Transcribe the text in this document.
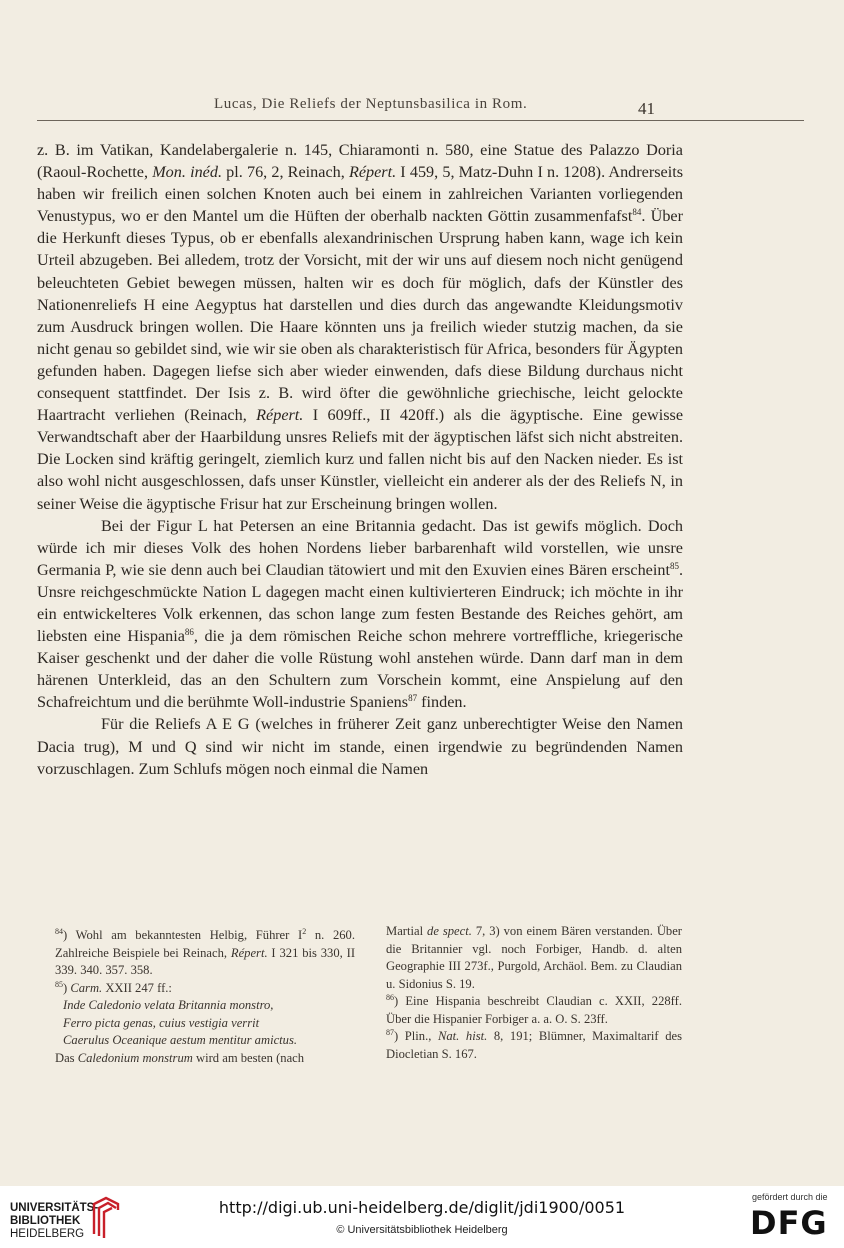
Lucas, Die Reliefs der Neptunsbasilica in Rom.	41

z. B. im Vatikan, Kandelabergalerie n. 145, Chiaramonti n. 580, eine Statue des Palazzo Doria (Raoul-Rochette, Mon. inéd. pl. 76, 2, Reinach, Répert. I 459, 5, Matz-Duhn I n. 1208). Andrerseits haben wir freilich einen solchen Knoten auch bei einem in zahlreichen Varianten vorliegenden Venustypus, wo er den Mantel um die Hüften der oberhalb nackten Göttin zusammenfafst$^{84}$. Über die Herkunft dieses Typus, ob er ebenfalls alexandrinischen Ursprung haben kann, wage ich kein Urteil abzugeben. Bei alledem, trotz der Vorsicht, mit der wir uns auf diesem noch nicht genügend beleuchteten Gebiet bewegen müssen, halten wir es doch für möglich, dafs der Künstler des Nationenreliefs H eine Aegyptus hat darstellen und dies durch das angewandte Kleidungsmotiv zum Ausdruck bringen wollen. Die Haare könnten uns ja freilich wieder stutzig machen, da sie nicht genau so gebildet sind, wie wir sie oben als charakteristisch für Africa, besonders für Ägypten gefunden haben. Dagegen liefse sich aber wieder einwenden, dafs diese Bildung durchaus nicht consequent stattfindet. Der Isis z. B. wird öfter die gewöhnliche griechische, leicht gelockte Haartracht verliehen (Reinach, Répert. I 609ff., II 420ff.) als die ägyptische. Eine gewisse Verwandtschaft aber der Haarbildung unsres Reliefs mit der ägyptischen läfst sich nicht abstreiten. Die Locken sind kräftig geringelt, ziemlich kurz und fallen nicht bis auf den Nacken nieder. Es ist also wohl nicht ausgeschlossen, dafs unser Künstler, vielleicht ein anderer als der des Reliefs N, in seiner Weise die ägyptische Frisur hat zur Erscheinung bringen wollen.

Bei der Figur L hat Petersen an eine Britannia gedacht. Das ist gewifs möglich. Doch würde ich mir dieses Volk des hohen Nordens lieber barbarenhaft wild vorstellen, wie unsre Germania P, wie sie denn auch bei Claudian tätowiert und mit den Exuvien eines Bären erscheint$^{85}$. Unsre reichgeschmückte Nation L dagegen macht einen kultivierteren Eindruck; ich möchte in ihr ein entwickelteres Volk erkennen, das schon lange zum festen Bestande des Reiches gehört, am liebsten eine Hispania$^{86}$, die ja dem römischen Reiche schon mehrere vortreffliche, kriegerische Kaiser geschenkt und der daher die volle Rüstung wohl anstehen würde. Dann darf man in dem härenen Unterkleid, das an den Schultern zum Vorschein kommt, eine Anspielung auf den Schafreichtum und die berühmte Woll-industrie Spaniens$^{87}$ finden.

Für die Reliefs A E G (welches in früherer Zeit ganz unberechtigter Weise den Namen Dacia trug), M und Q sind wir nicht im stande, einen irgendwie zu begründenden Namen vorzuschlagen. Zum Schlufs mögen noch einmal die Namen

$^{84}$) Wohl am bekanntesten Helbig, Führer $I^2$ n. 260. Zahlreiche Beispiele bei Reinach, Répert. I 321 bis 330, II 339. 340. 357. 358.

$^{85}$) Carm. XXII 247 ff.:

Inde Caledonio velata Britannia monstro,

Ferro picta genas, cuius vestigia verrit

Caerulus Oceanique aestum mentitur amictus.

Das Caledonium monstrum wird am besten (nach

Martial de spect. 7, 3) von einem Bären verstanden. Über die Britannier vgl. noch Forbiger, Handb. d. alten Geographie III 273f., Purgold, Archäol. Bem. zu Claudian u. Sidonius S. 19.

$^{86}$) Eine Hispania beschreibt Claudian c. XXII, 228ff. Über die Hispanier Forbiger a. a. O. S. 23ff.

$^{87}$) Plin., Nat. hist. 8, 191; Blümner, Maximaltarif des Diocletian S. 167.

UNIVERSITÄTS-
BIBLIOTHEK
HEIDELBERG
http://digi.ub.uni-heidelberg.de/diglit/jdi1900/0051
© Universitätsbibliothek Heidelberg
gefördert durch die
DFG
